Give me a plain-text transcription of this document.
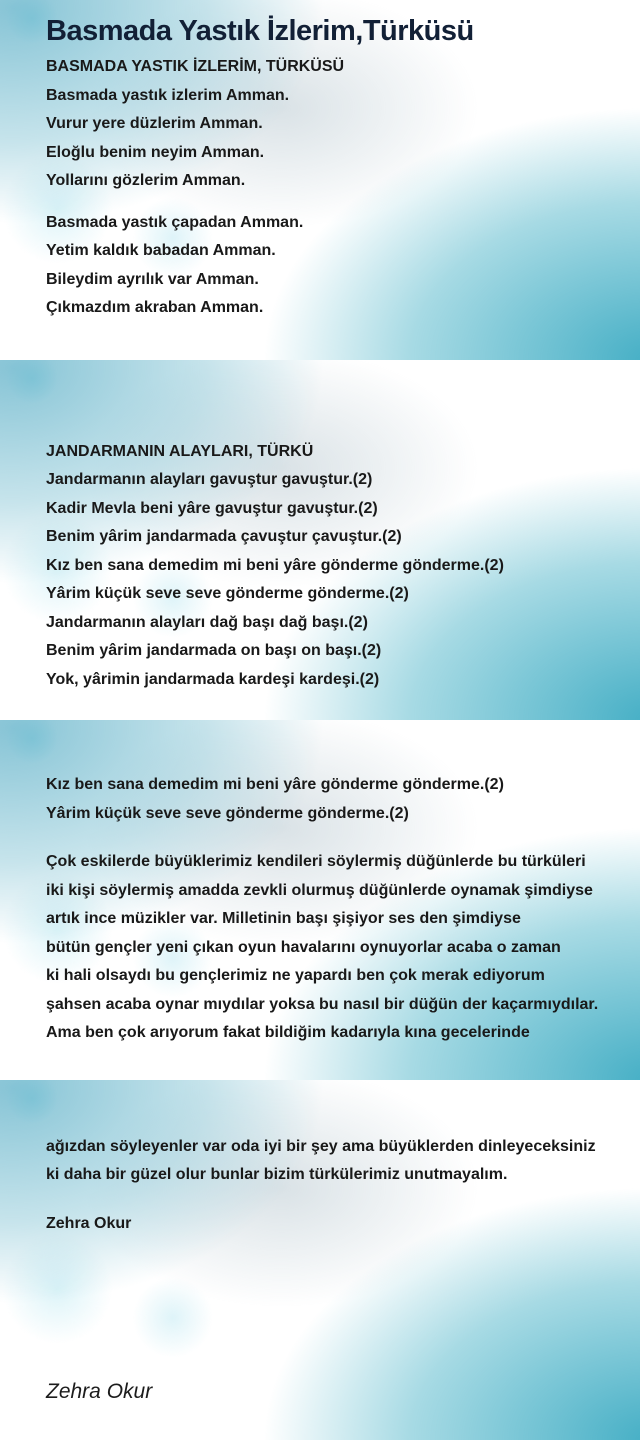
Basmada Yastık İzlerim,Türküsü
BASMADA YASTIK İZLERİM, TÜRKÜSÜ
Basmada yastık izlerim Amman.
Vurur yere düzlerim Amman.
Eloğlu benim neyim Amman.
Yollarını gözlerim Amman.
Basmada yastık çapadan Amman.
Yetim kaldık babadan Amman.
Bileydim ayrılık var Amman.
Çıkmazdım akraban Amman.
JANDARMANIN ALAYLARI, TÜRKÜ
Jandarmanın alayları gavuştur gavuştur.(2)
Kadir Mevla beni yâre gavuştur gavuştur.(2)
Benim yârim jandarmada çavuştur çavuştur.(2)
Kız ben sana demedim mi beni yâre gönderme gönderme.(2)
Yârim küçük seve seve gönderme gönderme.(2)
Jandarmanın alayları dağ başı dağ başı.(2)
Benim yârim jandarmada on başı on başı.(2)
Yok, yârimin jandarmada kardeşi kardeşi.(2)
Kız ben sana demedim mi beni yâre gönderme gönderme.(2)
Yârim küçük seve seve gönderme gönderme.(2)
Çok eskilerde büyüklerimiz kendileri söylermiş düğünlerde bu türküleri
iki kişi söylermiş amadda zevkli olurmuş düğünlerde oynamak şimdiyse
artık ince müzikler var. Milletinin başı şişiyor ses den şimdiyse
bütün gençler yeni çıkan oyun havalarını oynuyorlar acaba o zaman
ki hali olsaydı bu gençlerimiz ne yapardı ben çok merak ediyorum
şahsen acaba oynar mıydılar yoksa bu nasıl bir düğün der kaçarmıydılar.
Ama ben çok arıyorum fakat bildiğim kadarıyla kına gecelerinde
ağızdan söyleyenler var oda iyi bir şey ama büyüklerden dinleyeceksiniz
ki daha bir güzel olur bunlar bizim türkülerimiz unutmayalım.
Zehra Okur
Zehra Okur
